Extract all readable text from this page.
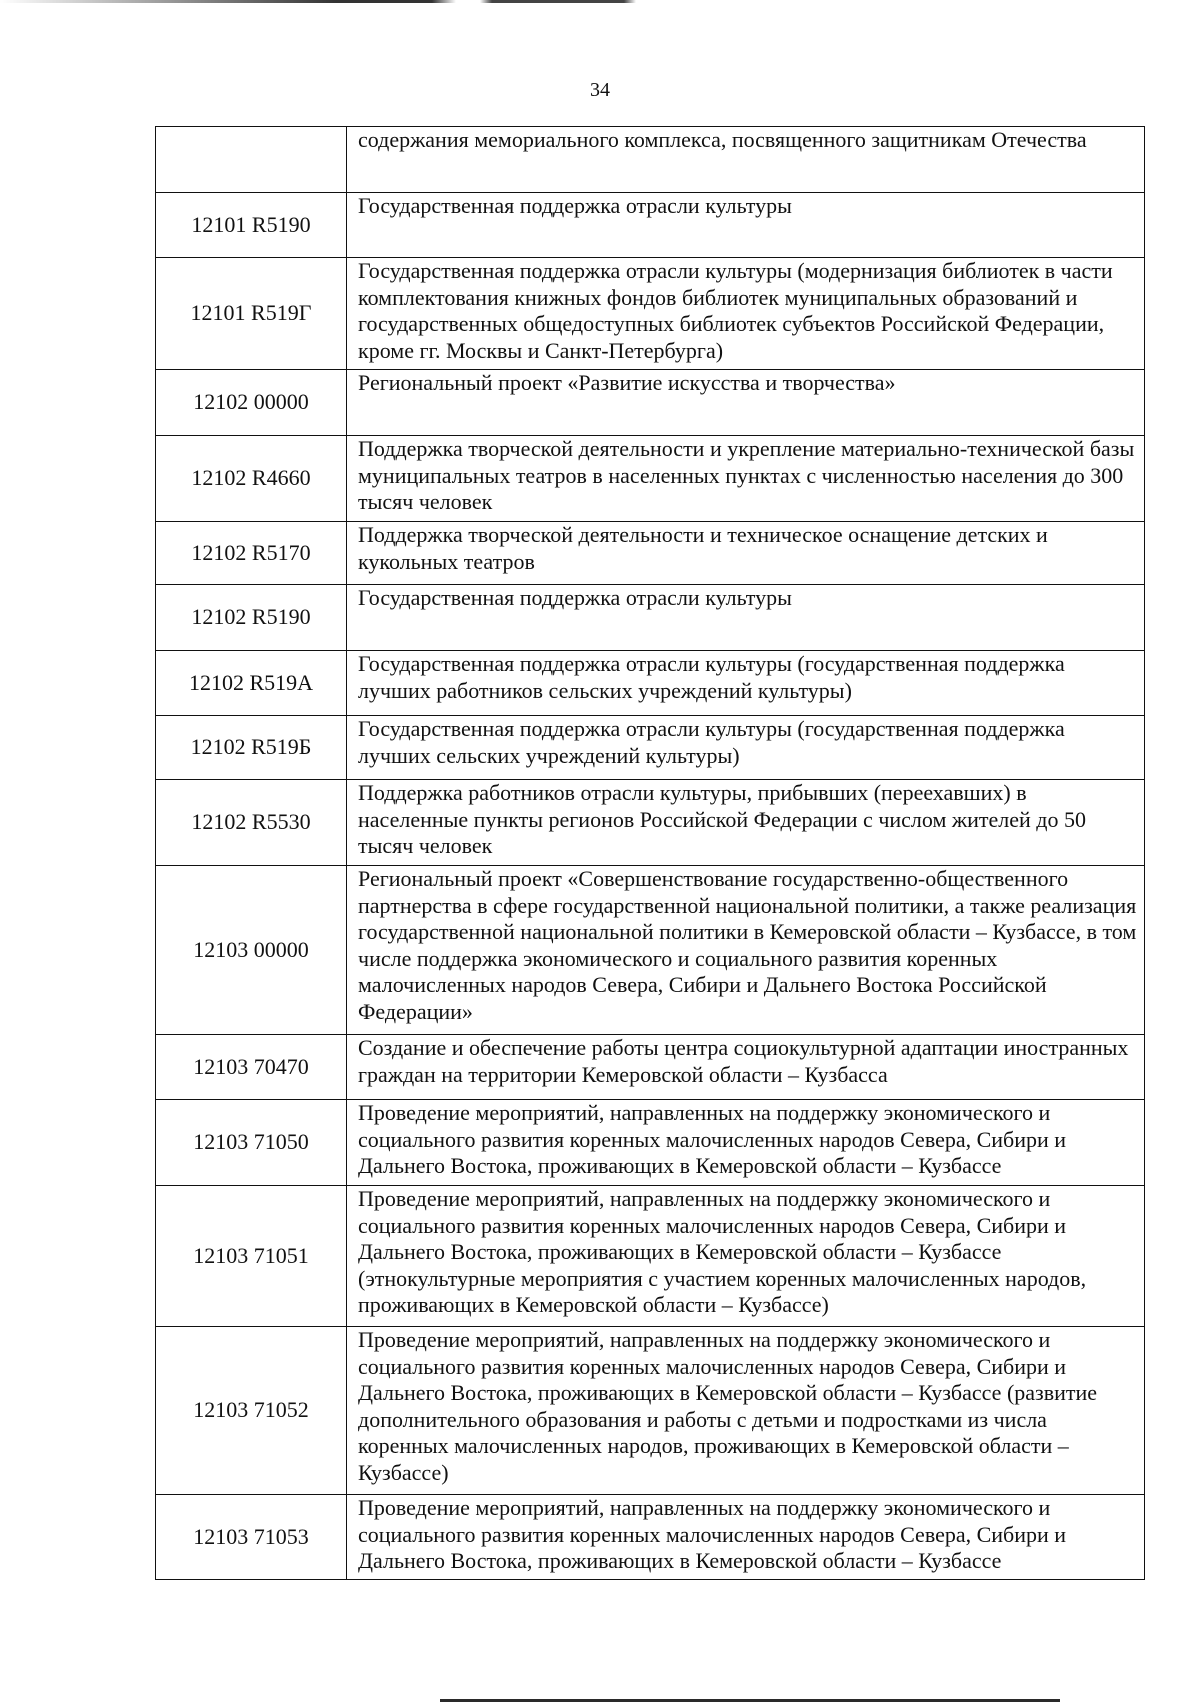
34
	содержания мемориального комплекса, посвященного защитникам Отечества
12101 R5190	Государственная поддержка отрасли культуры
12101 R519Г	Государственная поддержка отрасли культуры (модернизация библиотек в части комплектования книжных фондов библиотек муниципальных образований и государственных общедоступных библиотек субъектов Российской Федерации, кроме гг. Москвы и Санкт-Петербурга)
12102 00000	Региональный проект «Развитие искусства и творчества»
12102 R4660	Поддержка творческой деятельности и укрепление материально-технической базы муниципальных театров в населенных пунктах с численностью населения до 300 тысяч человек
12102 R5170	Поддержка творческой деятельности и техническое оснащение детских и кукольных театров
12102 R5190	Государственная поддержка отрасли культуры
12102 R519А	Государственная поддержка отрасли культуры (государственная поддержка лучших работников сельских учреждений культуры)
12102 R519Б	Государственная поддержка отрасли культуры (государственная поддержка лучших сельских учреждений культуры)
12102 R5530	Поддержка работников отрасли культуры, прибывших (переехавших) в населенные пункты регионов Российской Федерации с числом жителей до 50 тысяч человек
12103 00000	Региональный проект «Совершенствование государственно-общественного партнерства в сфере государственной национальной политики, а также реализация государственной национальной политики в Кемеровской области – Кузбассе, в том числе поддержка экономического и социального развития коренных малочисленных народов Севера, Сибири и Дальнего Востока Российской Федерации»
12103 70470	Создание и обеспечение работы центра социокультурной адаптации иностранных граждан на территории Кемеровской области – Кузбасса
12103 71050	Проведение мероприятий, направленных на поддержку экономического и социального развития коренных малочисленных народов Севера, Сибири и Дальнего Востока, проживающих в Кемеровской области – Кузбассе
12103 71051	Проведение мероприятий, направленных на поддержку экономического и социального развития коренных малочисленных народов Севера, Сибири и Дальнего Востока, проживающих в Кемеровской области – Кузбассе (этнокультурные мероприятия с участием коренных малочисленных народов, проживающих в Кемеровской области – Кузбассе)
12103 71052	Проведение мероприятий, направленных на поддержку экономического и социального развития коренных малочисленных народов Севера, Сибири и Дальнего Востока, проживающих в Кемеровской области – Кузбассе (развитие дополнительного образования и работы с детьми и подростками из числа коренных малочисленных народов, проживающих в Кемеровской области – Кузбассе)
12103 71053	Проведение мероприятий, направленных на поддержку экономического и социального развития коренных малочисленных народов Севера, Сибири и Дальнего Востока, проживающих в Кемеровской области – Кузбассе
